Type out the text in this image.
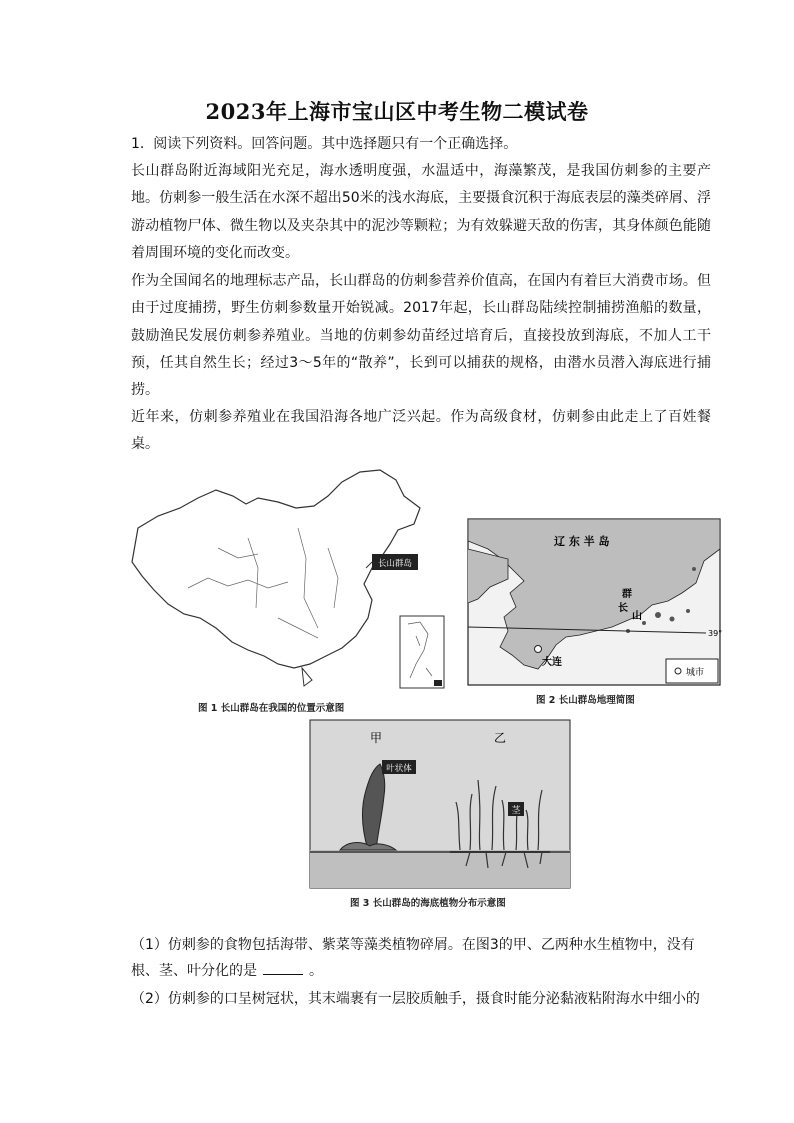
2023年上海市宝山区中考生物二模试卷

1. 阅读下列资料。回答问题。其中选择题只有一个正确选择。

长山群岛附近海域阳光充足，海水透明度强，水温适中，海藻繁茂，是我国仿刺参的主要产地。仿刺参一般生活在水深不超出50米的浅水海底，主要摄食沉积于海底表层的藻类碎屑、浮游动植物尸体、微生物以及夹杂其中的泥沙等颗粒；为有效躲避天敌的伤害，其身体颜色能随着周围环境的变化而改变。

作为全国闻名的地理标志产品，长山群岛的仿刺参营养价值高，在国内有着巨大消费市场。但由于过度捕捞，野生仿刺参数量开始锐减。2017年起，长山群岛陆续控制捕捞渔船的数量，鼓励渔民发展仿刺参养殖业。当地的仿刺参幼苗经过培育后，直接投放到海底，不加人工干预，任其自然生长；经过3～5年的“散养”，长到可以捕获的规格，由潜水员潜入海底进行捕捞。

近年来，仿刺参养殖业在我国沿海各地广泛兴起。作为高级食材，仿刺参由此走上了百姓餐桌。

长山群岛
图 1 长山群岛在我国的位置示意图
39°
辽 东 半 岛
长
山
群
大连
城市
图 2 长山群岛地理简图
甲	乙
叶状体
茎
图 3 长山群岛的海底植物分布示意图
（1）仿刺参的食物包括海带、紫菜等藻类植物碎屑。在图3的甲、乙两种水生植物中，没有
根、茎、叶分化的是	。
（2）仿刺参的口呈树冠状，其末端裹有一层胶质触手，摄食时能分泌黏液粘附海水中细小的
